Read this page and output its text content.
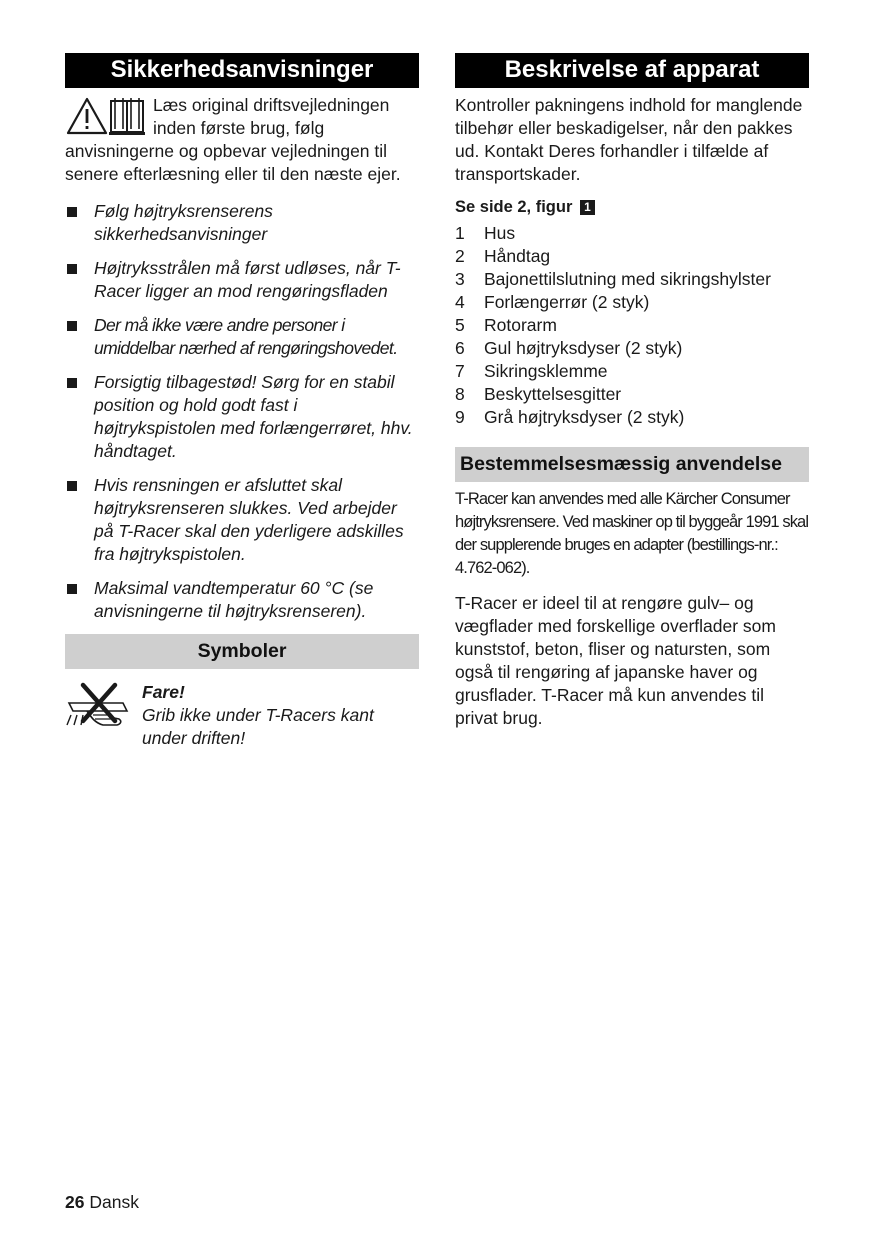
Sikkerhedsanvisninger

Læs original driftsvejledningen inden første brug, følg anvisningerne og opbevar vejledningen til senere efterlæsning eller til den næste ejer.

Følg højtryksrenserens sikkerhedsanvisninger
Højtryksstrålen må først udløses, når T-Racer ligger an mod rengøringsfladen
Der må ikke være andre personer i umiddelbar nærhed af rengøringshovedet.
Forsigtig tilbagestød! Sørg for en stabil position og hold godt fast i højtrykspistolen med forlængerrøret, hhv. håndtaget.
Hvis rensningen er afsluttet skal højtryksrenseren slukkes. Ved arbejder på T-Racer skal den yderligere adskilles fra højtrykspistolen.
Maksimal vandtemperatur 60 °C (se anvisningerne til højtryksrenseren).
Symboler

Fare!

Grib ikke under T-Racers kant under driften!

Beskrivelse af apparat

Kontroller pakningens indhold for manglende tilbehør eller beskadigelser, når den pakkes ud. Kontakt Deres forhandler i tilfælde af transportskader.

Se side 2, figur 1
1 Hus
2 Håndtag
3 Bajonettilslutning med sikringshylster
4 Forlængerrør (2 styk)
5 Rotorarm
6 Gul højtryksdyser (2 styk)
7 Sikringsklemme
8 Beskyttelsesgitter
9 Grå højtryksdyser (2 styk)
Bestemmelsesmæssig anvendelse

T-Racer kan anvendes med alle Kärcher Consumer højtryksrensere. Ved maskiner op til byggeår 1991 skal der supplerende bruges en adapter (bestillings-nr.: 4.762-062).

T-Racer er ideel til at rengøre gulv– og vægflader med forskellige overflader som kunststof, beton, fliser og natursten, som også til rengøring af japanske haver og grusflader. T-Racer må kun anvendes til privat brug.

26 Dansk
